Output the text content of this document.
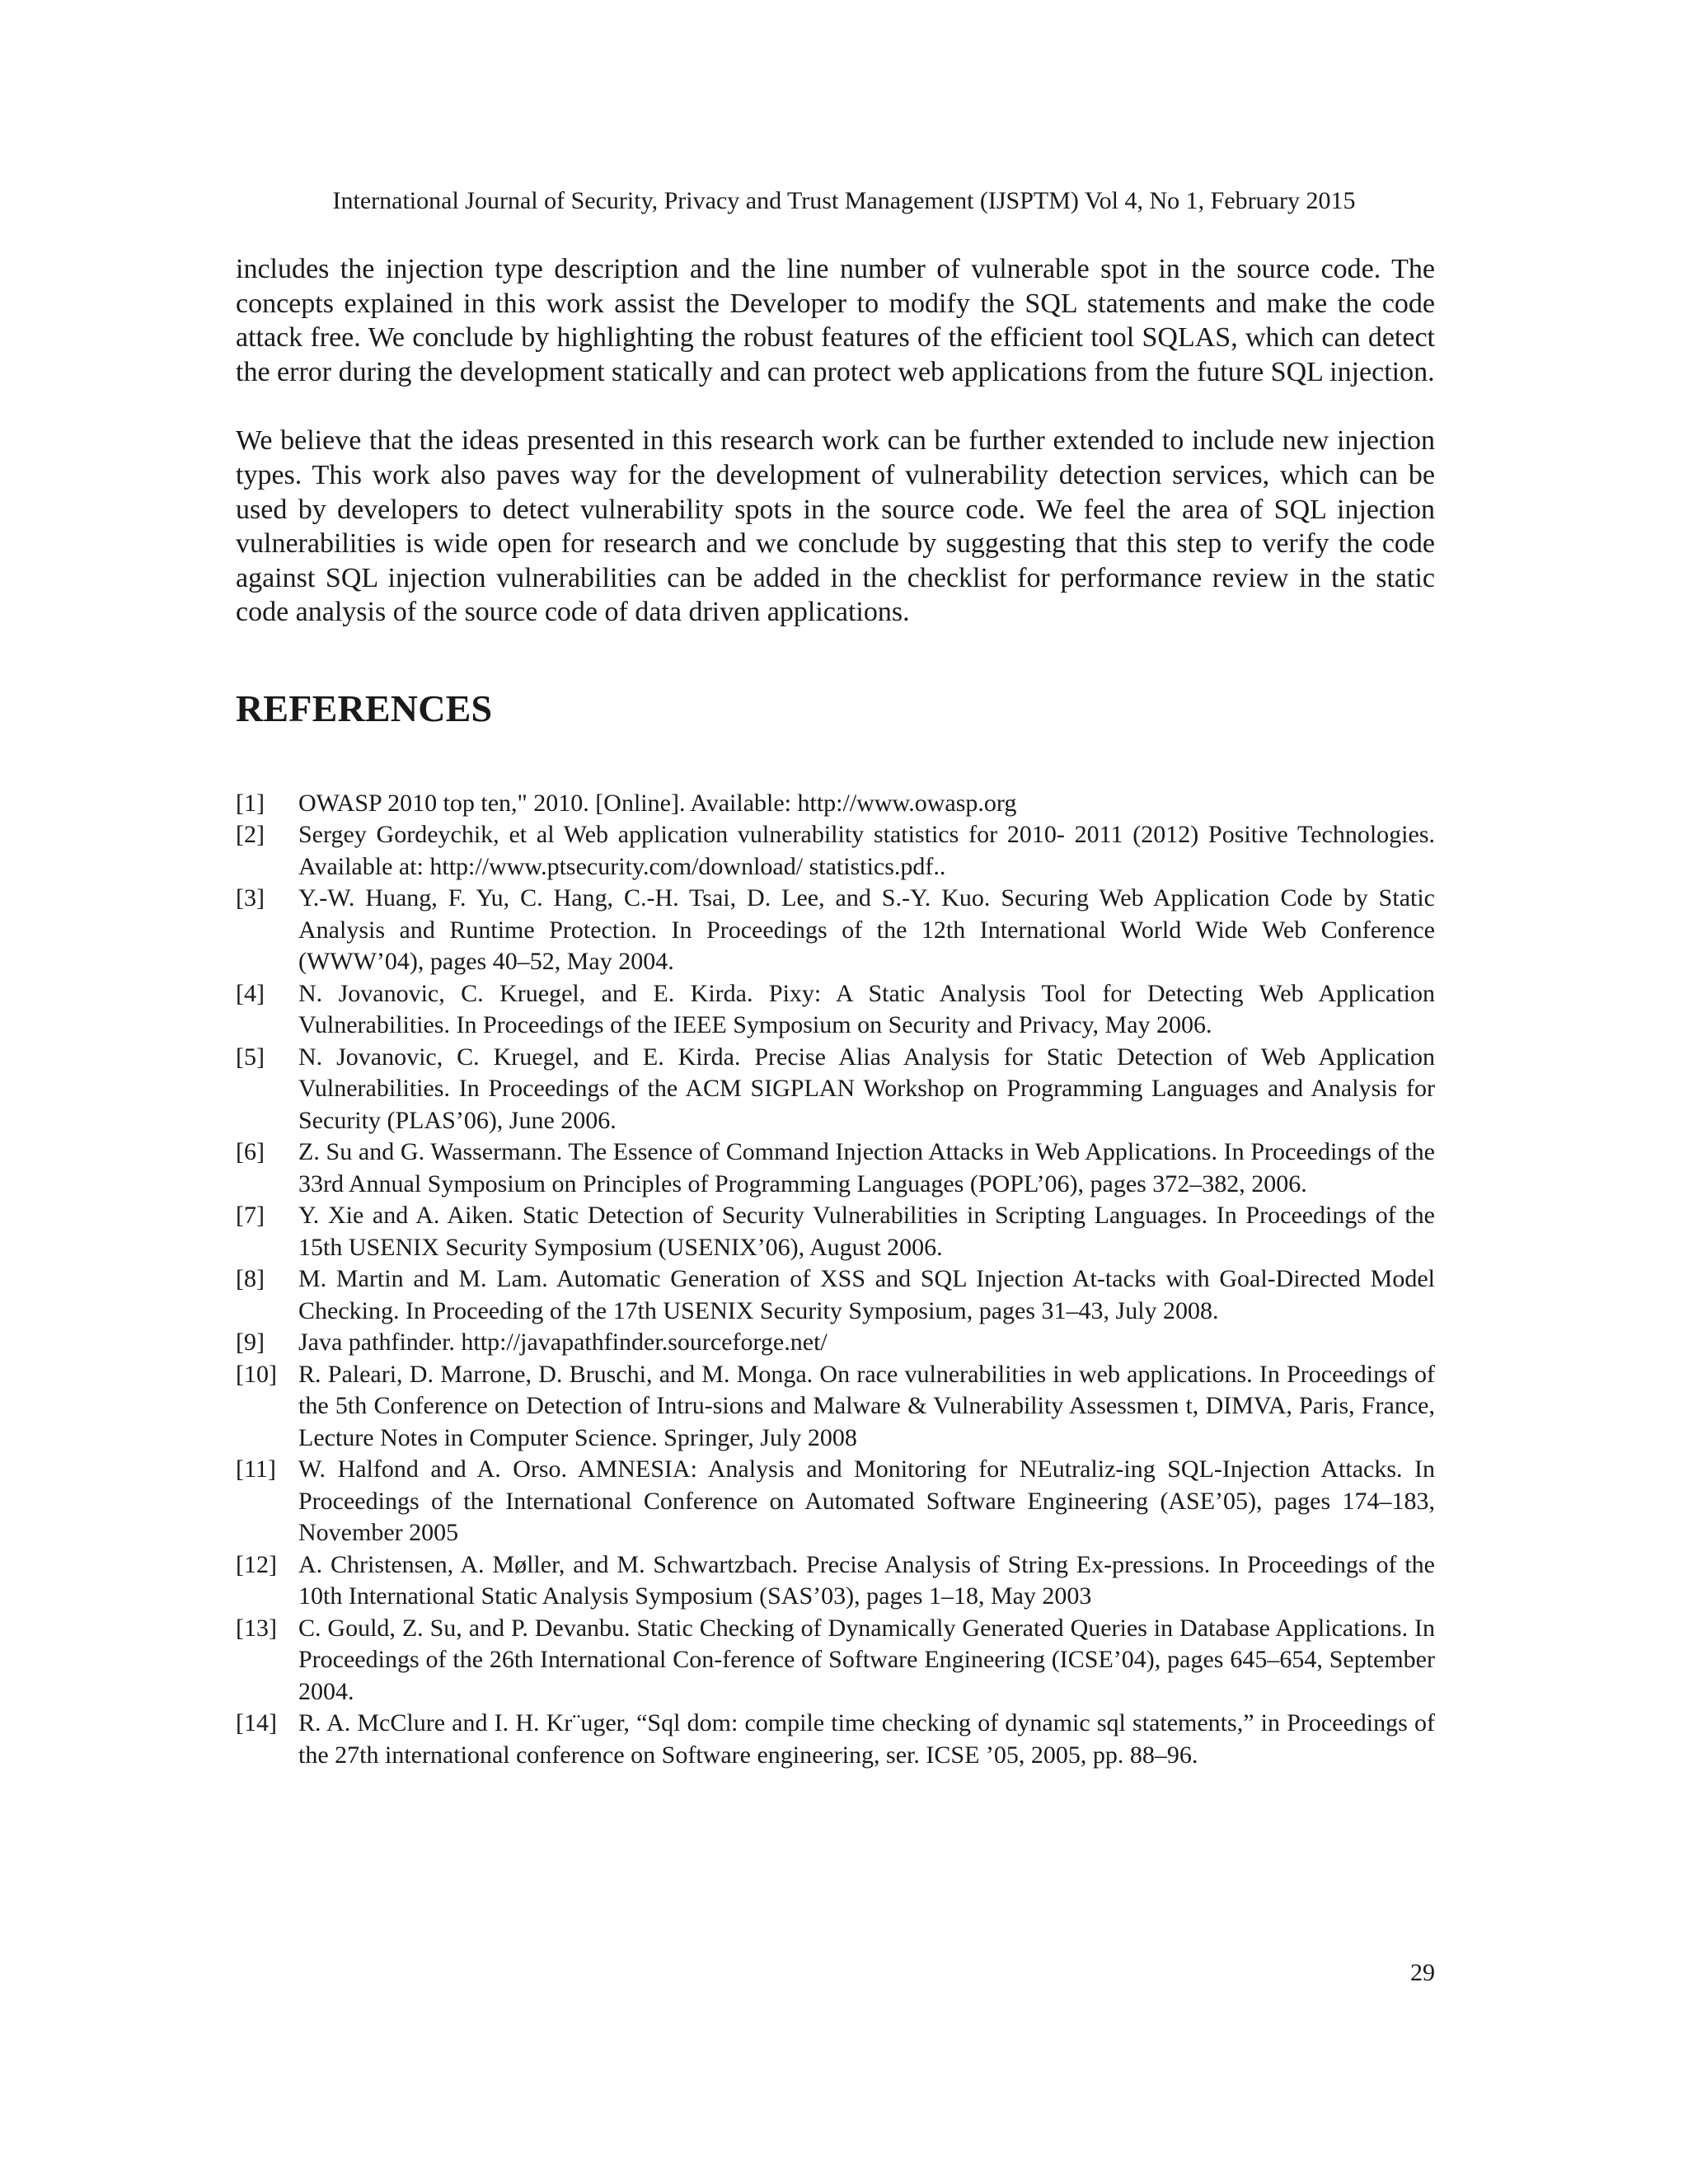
International Journal of Security, Privacy and Trust Management (IJSPTM) Vol 4, No 1, February 2015

includes the injection type description and the line number of vulnerable spot in the source code. The concepts explained in this work assist the Developer to modify the SQL statements and make the code attack free. We conclude by highlighting the robust features of the efficient tool SQLAS, which can detect the error during the development statically and can protect web applications from the future SQL injection.

We believe that the ideas presented in this research work can be further extended to include new injection types. This work also paves way for the development of vulnerability detection services, which can be used by developers to detect vulnerability spots in the source code. We feel the area of SQL injection vulnerabilities is wide open for research and we conclude by suggesting that this step to verify the code against SQL injection vulnerabilities can be added in the checklist for performance review in the static code analysis of the source code of data driven applications.

REFERENCES
[1]	OWASP 2010 top ten," 2010. [Online]. Available: http://www.owasp.org
[2]	Sergey Gordeychik, et al Web application vulnerability statistics for 2010- 2011 (2012) Positive Technologies. Available at: http://www.ptsecurity.com/download/ statistics.pdf..
[3]	Y.-W. Huang, F. Yu, C. Hang, C.-H. Tsai, D. Lee, and S.-Y. Kuo. Securing Web Application Code by Static Analysis and Runtime Protection. In Proceedings of the 12th International World Wide Web Conference (WWW’04), pages 40–52, May 2004.
[4]	N. Jovanovic, C. Kruegel, and E. Kirda. Pixy: A Static Analysis Tool for Detecting Web Application Vulnerabilities. In Proceedings of the IEEE Symposium on Security and Privacy, May 2006.
[5]	N. Jovanovic, C. Kruegel, and E. Kirda. Precise Alias Analysis for Static Detection of Web Application Vulnerabilities. In Proceedings of the ACM SIGPLAN Workshop on Programming Languages and Analysis for Security (PLAS’06), June 2006.
[6]	Z. Su and G. Wassermann. The Essence of Command Injection Attacks in Web Applications. In Proceedings of the 33rd Annual Symposium on Principles of Programming Languages (POPL’06), pages 372–382, 2006.
[7]	Y. Xie and A. Aiken. Static Detection of Security Vulnerabilities in Scripting Languages. In Proceedings of the 15th USENIX Security Symposium (USENIX’06), August 2006.
[8]	M. Martin and M. Lam. Automatic Generation of XSS and SQL Injection At-tacks with Goal-Directed Model Checking. In Proceeding of the 17th USENIX Security Symposium, pages 31–43, July 2008.
[9]	Java pathfinder. http://javapathfinder.sourceforge.net/
[10] R. Paleari, D. Marrone, D. Bruschi, and M. Monga. On race vulnerabilities in web applications. In Proceedings of the 5th Conference on Detection of Intru-sions and Malware & Vulnerability Assessmen t, DIMVA, Paris, France, Lecture Notes in Computer Science. Springer, July 2008
[11] W. Halfond and A. Orso. AMNESIA: Analysis and Monitoring for NEutraliz-ing SQL-Injection Attacks. In Proceedings of the International Conference on Automated Software Engineering (ASE’05), pages 174–183, November 2005
[12] A. Christensen, A. Møller, and M. Schwartzbach. Precise Analysis of String Ex-pressions. In Proceedings of the 10th International Static Analysis Symposium (SAS’03), pages 1–18, May 2003
[13] C. Gould, Z. Su, and P. Devanbu. Static Checking of Dynamically Generated Queries in Database Applications. In Proceedings of the 26th International Con-ference of Software Engineering (ICSE’04), pages 645–654, September 2004.
[14] R. A. McClure and I. H. Kr¨uger, “Sql dom: compile time checking of dynamic sql statements,” in Proceedings of the 27th international conference on Software engineering, ser. ICSE ’05, 2005, pp. 88–96.
29
